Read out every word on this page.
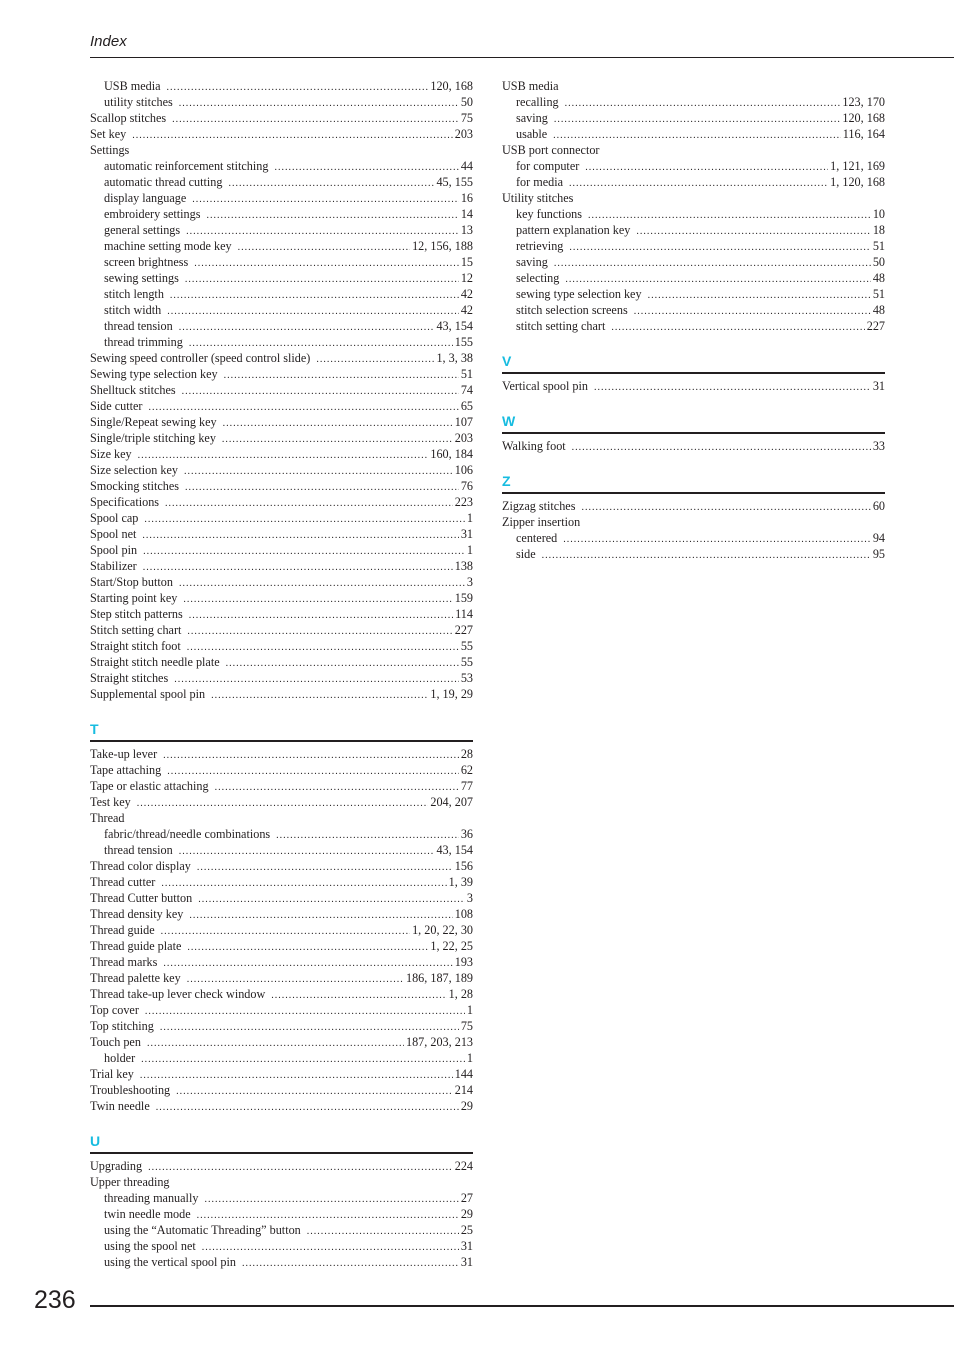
Index
USB media .....	120, 168
utility stitches .....	50
Scallop stitches .....	75
Set key .....	203
Settings
automatic reinforcement stitching .....	44
automatic thread cutting .....	45, 155
display language .....	16
embroidery settings .....	14
general settings .....	13
machine setting mode key .....	12, 156, 188
screen brightness .....	15
sewing settings .....	12
stitch length .....	42
stitch width .....	42
thread tension .....	43, 154
thread trimming .....	155
Sewing speed controller (speed control slide) .....	1, 3, 38
Sewing type selection key .....	51
Shelltuck stitches .....	74
Side cutter .....	65
Single/Repeat sewing key .....	107
Single/triple stitching key .....	203
Size key .....	160, 184
Size selection key .....	106
Smocking stitches .....	76
Specifications .....	223
Spool cap .....	1
Spool net .....	31
Spool pin .....	1
Stabilizer .....	138
Start/Stop button .....	3
Starting point key .....	159
Step stitch patterns .....	114
Stitch setting chart .....	227
Straight stitch foot .....	55
Straight stitch needle plate .....	55
Straight stitches .....	53
Supplemental spool pin .....	1, 19, 29
T
Take-up lever .....	28
Tape attaching .....	62
Tape or elastic attaching .....	77
Test key .....	204, 207
Thread
fabric/thread/needle combinations .....	36
thread tension .....	43, 154
Thread color display .....	156
Thread cutter .....	1, 39
Thread Cutter button .....	3
Thread density key .....	108
Thread guide .....	1, 20, 22, 30
Thread guide plate .....	1, 22, 25
Thread marks .....	193
Thread palette key .....	186, 187, 189
Thread take-up lever check window .....	1, 28
Top cover .....	1
Top stitching .....	75
Touch pen .....	187, 203, 213
holder .....	1
Trial key .....	144
Troubleshooting .....	214
Twin needle .....	29
U
Upgrading .....	224
Upper threading
threading manually .....	27
twin needle mode .....	29
using the “Automatic Threading” button .....	25
using the spool net .....	31
using the vertical spool pin .....	31
USB media
recalling .....	123, 170
saving .....	120, 168
usable .....	116, 164
USB port connector
for computer .....	1, 121, 169
for media .....	1, 120, 168
Utility stitches
key functions .....	10
pattern explanation key .....	18
retrieving .....	51
saving .....	50
selecting .....	48
sewing type selection key .....	51
stitch selection screens .....	48
stitch setting chart .....	227
V
Vertical spool pin .....	31
W
Walking foot .....	33
Z
Zigzag stitches .....	60
Zipper insertion
centered .....	94
side .....	95
236
